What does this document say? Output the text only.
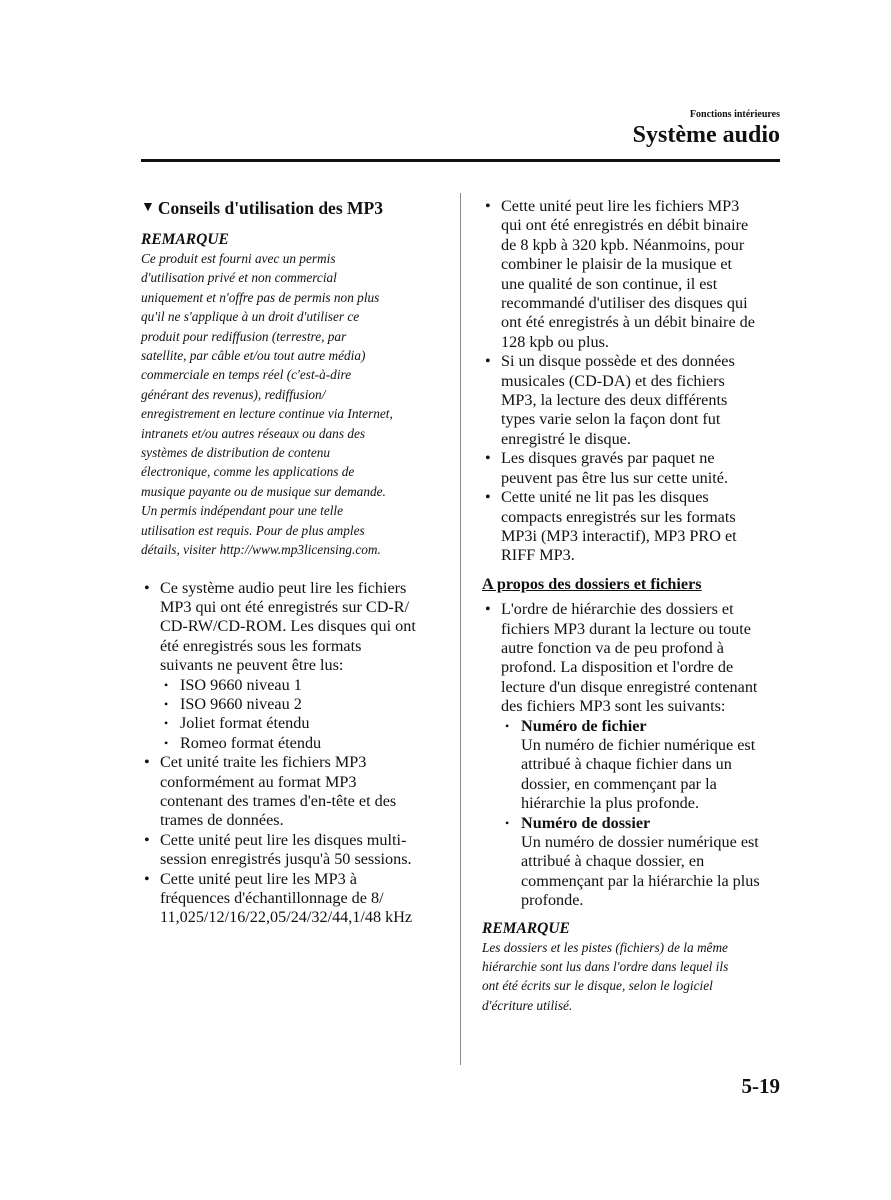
Fonctions intérieures
Système audio
▼ Conseils d'utilisation des MP3
REMARQUE

Ce produit est fourni avec un permis
d'utilisation privé et non commercial
uniquement et n'offre pas de permis non plus
qu'il ne s'applique à un droit d'utiliser ce
produit pour rediffusion (terrestre, par
satellite, par câble et/ou tout autre média)
commerciale en temps réel (c'est-à-dire
générant des revenus), rediffusion/
enregistrement en lecture continue via Internet,
intranets et/ou autres réseaux ou dans des
systèmes de distribution de contenu
électronique, comme les applications de
musique payante ou de musique sur demande.
Un permis indépendant pour une telle
utilisation est requis. Pour de plus amples
détails, visiter http://www.mp3licensing.com.

• Ce système audio peut lire les fichiers
MP3 qui ont été enregistrés sur CD-R/
CD-RW/CD-ROM. Les disques qui ont
été enregistrés sous les formats
suivants ne peuvent être lus:
• ISO 9660 niveau 1
• ISO 9660 niveau 2
• Joliet format étendu
• Romeo format étendu
• Cet unité traite les fichiers MP3
conformément au format MP3
contenant des trames d'en-tête et des
trames de données.
• Cette unité peut lire les disques multi-
session enregistrés jusqu'à 50 sessions.
• Cette unité peut lire les MP3 à
fréquences d'échantillonnage de 8/
11,025/12/16/22,05/24/32/44,1/48 kHz
• Cette unité peut lire les fichiers MP3
qui ont été enregistrés en débit binaire
de 8 kpb à 320 kpb. Néanmoins, pour
combiner le plaisir de la musique et
une qualité de son continue, il est
recommandé d'utiliser des disques qui
ont été enregistrés à un débit binaire de
128 kpb ou plus.
• Si un disque possède et des données
musicales (CD-DA) et des fichiers
MP3, la lecture des deux différents
types varie selon la façon dont fut
enregistré le disque.
• Les disques gravés par paquet ne
peuvent pas être lus sur cette unité.
• Cette unité ne lit pas les disques
compacts enregistrés sur les formats
MP3i (MP3 interactif), MP3 PRO et
RIFF MP3.
A propos des dossiers et fichiers
• L'ordre de hiérarchie des dossiers et
fichiers MP3 durant la lecture ou toute
autre fonction va de peu profond à
profond. La disposition et l'ordre de
lecture d'un disque enregistré contenant
des fichiers MP3 sont les suivants:
• Numéro de fichier
Un numéro de fichier numérique est
attribué à chaque fichier dans un
dossier, en commençant par la
hiérarchie la plus profonde.
• Numéro de dossier
Un numéro de dossier numérique est
attribué à chaque dossier, en
commençant par la hiérarchie la plus
profonde.
REMARQUE

Les dossiers et les pistes (fichiers) de la même
hiérarchie sont lus dans l'ordre dans lequel ils
ont été écrits sur le disque, selon le logiciel
d'écriture utilisé.

5-19
